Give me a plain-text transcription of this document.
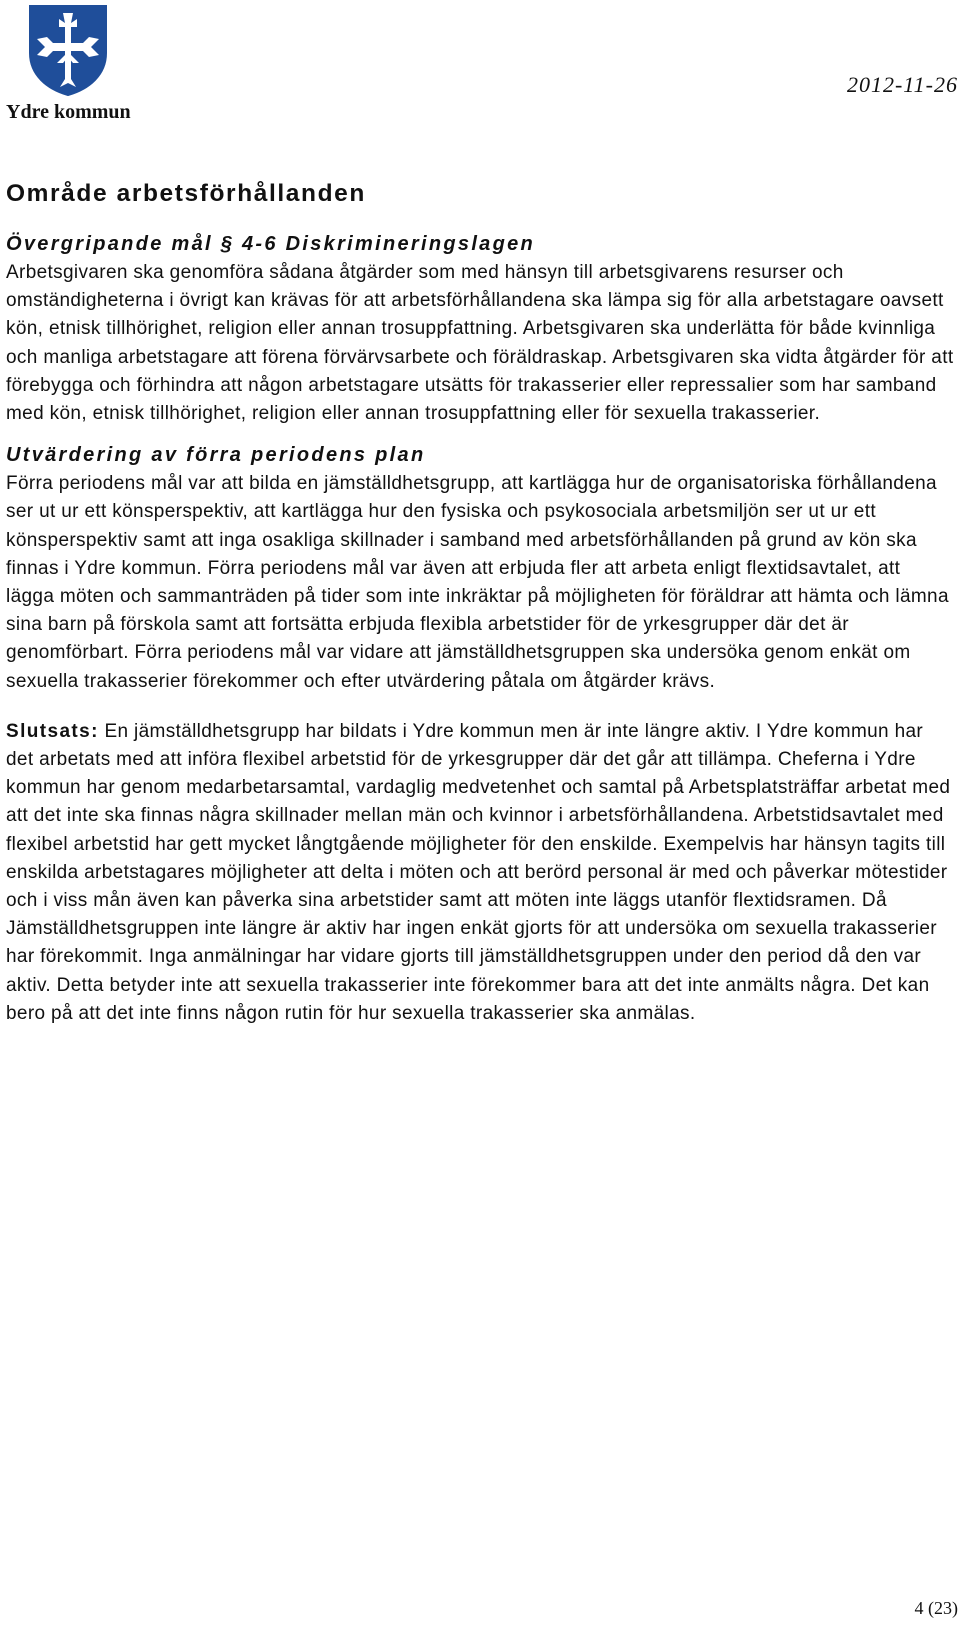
Ydre kommun
2012-11-26
Område arbetsförhållanden
Övergripande mål § 4-6 Diskrimineringslagen

Arbetsgivaren ska genomföra sådana åtgärder som med hänsyn till arbetsgivarens resurser och omständigheterna i övrigt kan krävas för att arbetsförhållandena ska lämpa sig för alla arbetstagare oavsett kön, etnisk tillhörighet, religion eller annan trosuppfattning. Arbetsgivaren ska underlätta för både kvinnliga och manliga arbetstagare att förena förvärvsarbete och föräldraskap. Arbetsgivaren ska vidta åtgärder för att förebygga och förhindra att någon arbetstagare utsätts för trakasserier eller repressalier som har samband med kön, etnisk tillhörighet, religion eller annan trosuppfattning eller för sexuella trakasserier.

Utvärdering av förra periodens plan

Förra periodens mål var att bilda en jämställdhetsgrupp, att kartlägga hur de organisatoriska förhållandena ser ut ur ett könsperspektiv, att kartlägga hur den fysiska och psykosociala arbetsmiljön ser ut ur ett könsperspektiv samt att inga osakliga skillnader i samband med arbetsförhållanden på grund av kön ska finnas i Ydre kommun. Förra periodens mål var även att erbjuda fler att arbeta enligt flextidsavtalet, att lägga möten och sammanträden på tider som inte inkräktar på möjligheten för föräldrar att hämta och lämna sina barn på förskola samt att fortsätta erbjuda flexibla arbetstider för de yrkesgrupper där det är genomförbart. Förra periodens mål var vidare att jämställdhetsgruppen ska undersöka genom enkät om sexuella trakasserier förekommer och efter utvärdering påtala om åtgärder krävs.

Slutsats: En jämställdhetsgrupp har bildats i Ydre kommun men är inte längre aktiv. I Ydre kommun har det arbetats med att införa flexibel arbetstid för de yrkesgrupper där det går att tillämpa. Cheferna i Ydre kommun har genom medarbetarsamtal, vardaglig medvetenhet och samtal på Arbetsplatsträffar arbetat med att det inte ska finnas några skillnader mellan män och kvinnor i arbetsförhållandena. Arbetstidsavtalet med flexibel arbetstid har gett mycket långtgående möjligheter för den enskilde. Exempelvis har hänsyn tagits till enskilda arbetstagares möjligheter att delta i möten och att berörd personal är med och påverkar mötestider och i viss mån även kan påverka sina arbetstider samt att möten inte läggs utanför flextidsramen. Då Jämställdhetsgruppen inte längre är aktiv har ingen enkät gjorts för att undersöka om sexuella trakasserier har förekommit. Inga anmälningar har vidare gjorts till jämställdhetsgruppen under den period då den var aktiv. Detta betyder inte att sexuella trakasserier inte förekommer bara att det inte anmälts några. Det kan bero på att det inte finns någon rutin för hur sexuella trakasserier ska anmälas.

4 (23)
